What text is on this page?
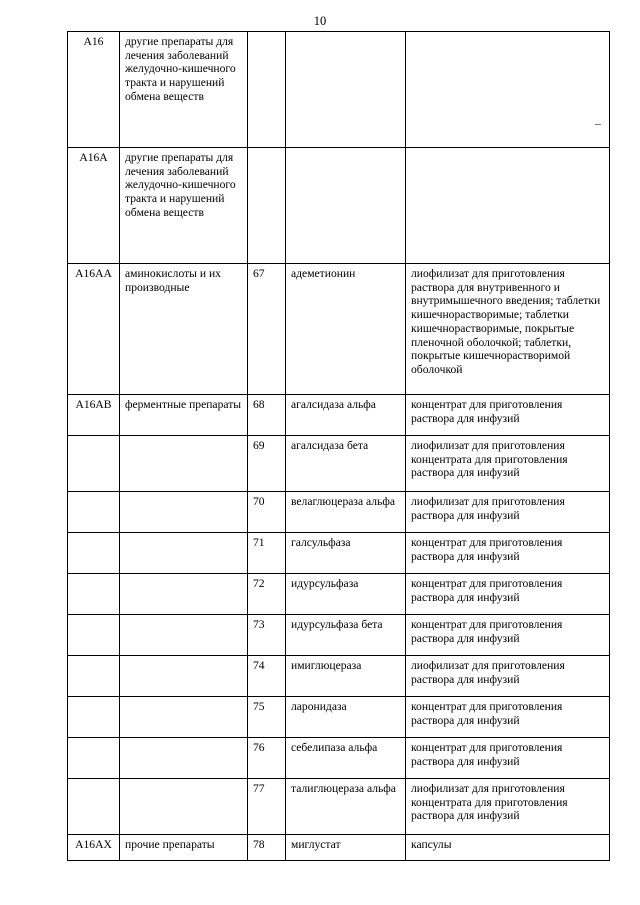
10
A16	другие препараты для лечения заболеваний желудочно-кишечного тракта и нарушений обмена веществ			
A16A	другие препараты для лечения заболеваний желудочно-кишечного тракта и нарушений обмена веществ			
A16AA	аминокислоты и их производные	67	адеметионин	лиофилизат для приготовления раствора для внутривенного и внутримышечного введения; таблетки кишечнорастворимые; таблетки кишечнорастворимые, покрытые пленочной оболочкой; таблетки, покрытые кишечнорастворимой оболочкой
A16AB	ферментные препараты	68	агалсидаза альфа	концентрат для приготовления раствора для инфузий
		69	агалсидаза бета	лиофилизат для приготовления концентрата для приготовления раствора для инфузий
		70	велаглюцераза альфа	лиофилизат для приготовления раствора для инфузий
		71	галсульфаза	концентрат для приготовления раствора для инфузий
		72	идурсульфаза	концентрат для приготовления раствора для инфузий
		73	идурсульфаза бета	концентрат для приготовления раствора для инфузий
		74	имиглюцераза	лиофилизат для приготовления раствора для инфузий
		75	ларонидаза	концентрат для приготовления раствора для инфузий
		76	себелипаза альфа	концентрат для приготовления раствора для инфузий
		77	талиглюцераза альфа	лиофилизат для приготовления концентрата для приготовления раствора для инфузий
A16AX	прочие препараты	78	миглустат	капсулы
